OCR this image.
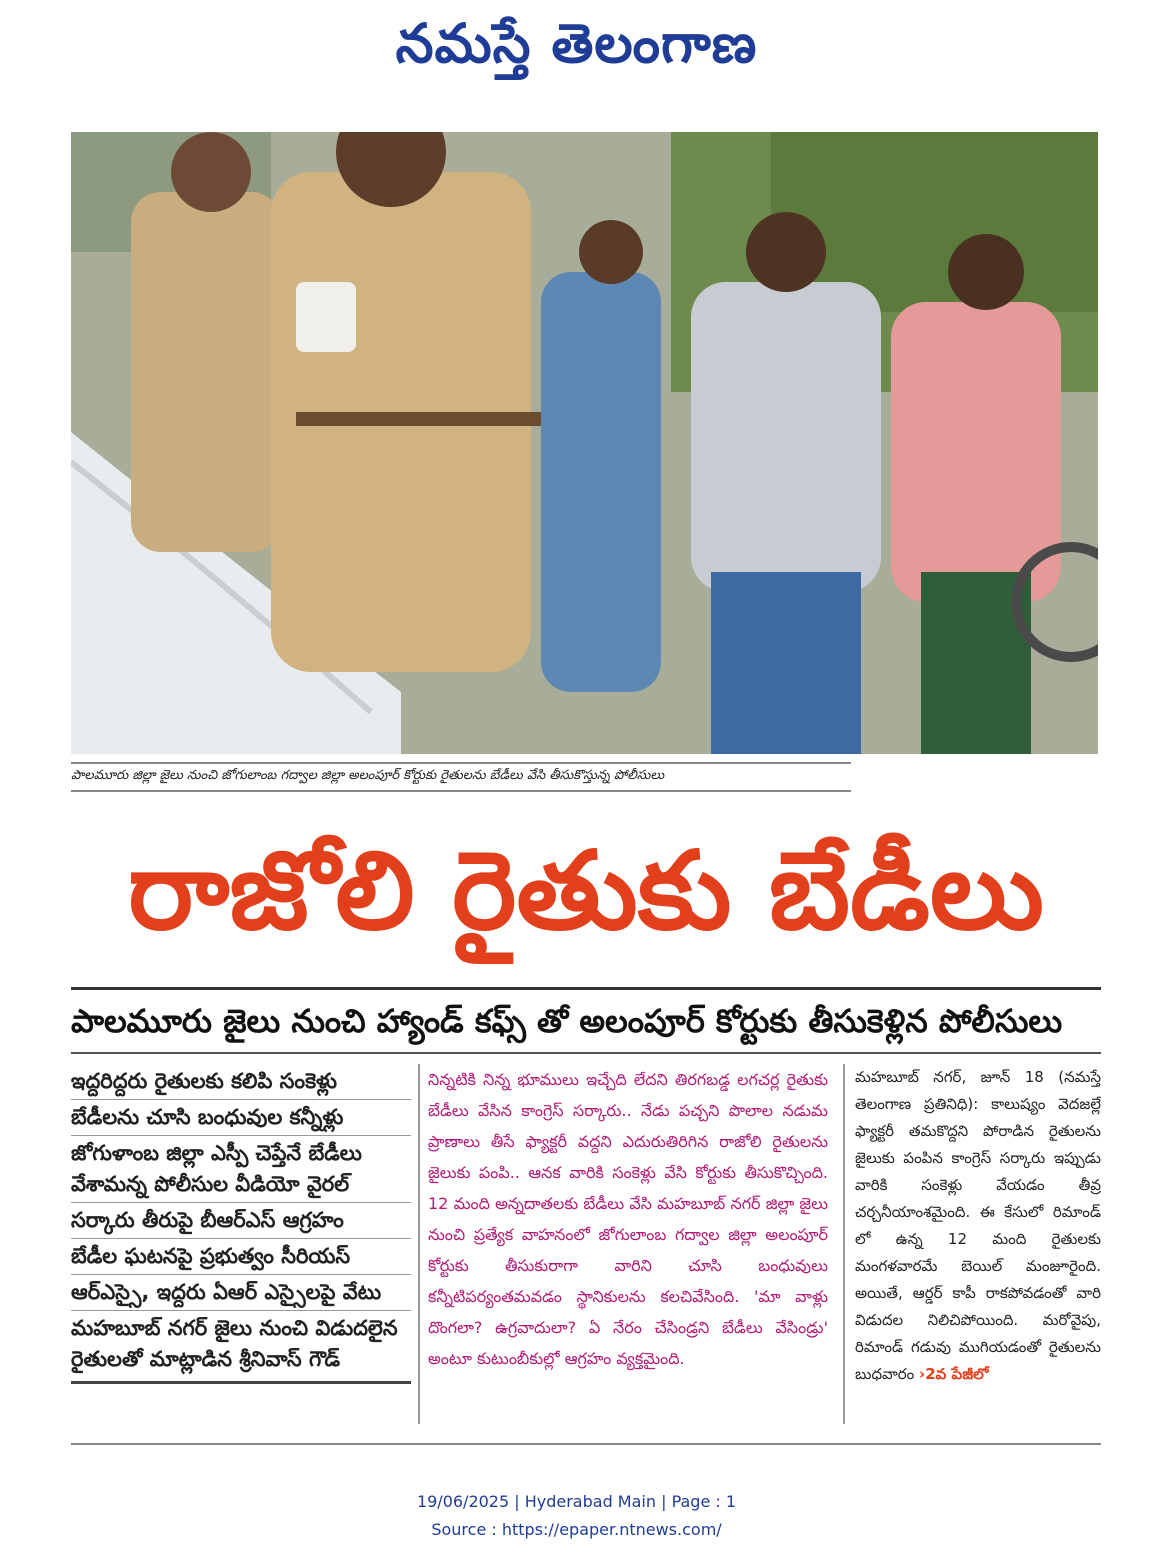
నమస్తే తెలంగాణ
పాలమూరు జిల్లా జైలు నుంచి జోగులాంబ గద్వాల జిల్లా అలంపూర్ కోర్టుకు రైతులను బేడీలు వేసి తీసుకొస్తున్న పోలీసులు
రాజోలి రైతుకు బేడీలు
పాలమూరు జైలు నుంచి హ్యాండ్ కఫ్స్ తో అలంపూర్ కోర్టుకు తీసుకెళ్లిన పోలీసులు
ఇద్దరిద్దరు రైతులకు కలిపి సంకెళ్లు
బేడీలను చూసి బంధువుల కన్నీళ్లు
జోగుళాంబ జిల్లా ఎస్పీ చెప్తేనే బేడీలు వేశామన్న పోలీసుల వీడియో వైరల్
సర్కారు తీరుపై బీఆర్ఎస్ ఆగ్రహం
బేడీల ఘటనపై ప్రభుత్వం సీరియస్
ఆర్ఎస్సై, ఇద్దరు ఏఆర్ ఎస్సైలపై వేటు
మహబూబ్ నగర్ జైలు నుంచి విడుదలైన రైతులతో మాట్లాడిన శ్రీనివాస్ గౌడ్

నిన్నటికి నిన్న భూములు ఇచ్చేది లేదని తిరగబడ్డ లగచర్ల రైతుకు బేడీలు వేసిన కాంగ్రెస్ సర్కారు.. నేడు పచ్చని పొలాల నడుమ ప్రాణాలు తీసే ఫ్యాక్టరీ వద్దని ఎదురుతిరిగిన రాజోలి రైతులను జైలుకు పంపి.. ఆనక వారికి సంకెళ్లు వేసి కోర్టుకు తీసుకొచ్చింది. 12 మంది అన్నదాతలకు బేడీలు వేసి మహబూబ్ నగర్ జిల్లా జైలు నుంచి ప్రత్యేక వాహనంలో జోగులాంబ గద్వాల జిల్లా అలంపూర్ కోర్టుకు తీసుకురాగా వారిని చూసి బంధువులు కన్నీటిపర్యంతమవడం స్థానికులను కలచివేసింది. 'మా వాళ్లు దొంగలా? ఉగ్రవాదులా? ఏ నేరం చేసిండ్రని బేడీలు వేసిండ్రు' అంటూ కుటుంబీకుల్లో ఆగ్రహం వ్యక్తమైంది.

మహబూబ్ నగర్, జూన్ 18 (నమస్తే తెలంగాణ ప్రతినిధి): కాలుష్యం వెదజల్లే ఫ్యాక్టరీ తమకొద్దని పోరాడిన రైతులను జైలుకు పంపిన కాంగ్రెస్ సర్కారు ఇప్పుడు వారికి సంకెళ్లు వేయడం తీవ్ర చర్చనీయాంశమైంది. ఈ కేసులో రిమాండ్ లో ఉన్న 12 మంది రైతులకు మంగళవారమే బెయిల్ మంజూరైంది. అయితే, ఆర్డర్ కాపీ రాకపోవడంతో వారి విడుదల నిలిచిపోయింది. మరోవైపు, రిమాండ్ గడువు ముగియడంతో రైతులను బుధవారం ›2వ పేజీలో

19/06/2025 | Hyderabad Main | Page : 1
Source : https://epaper.ntnews.com/
